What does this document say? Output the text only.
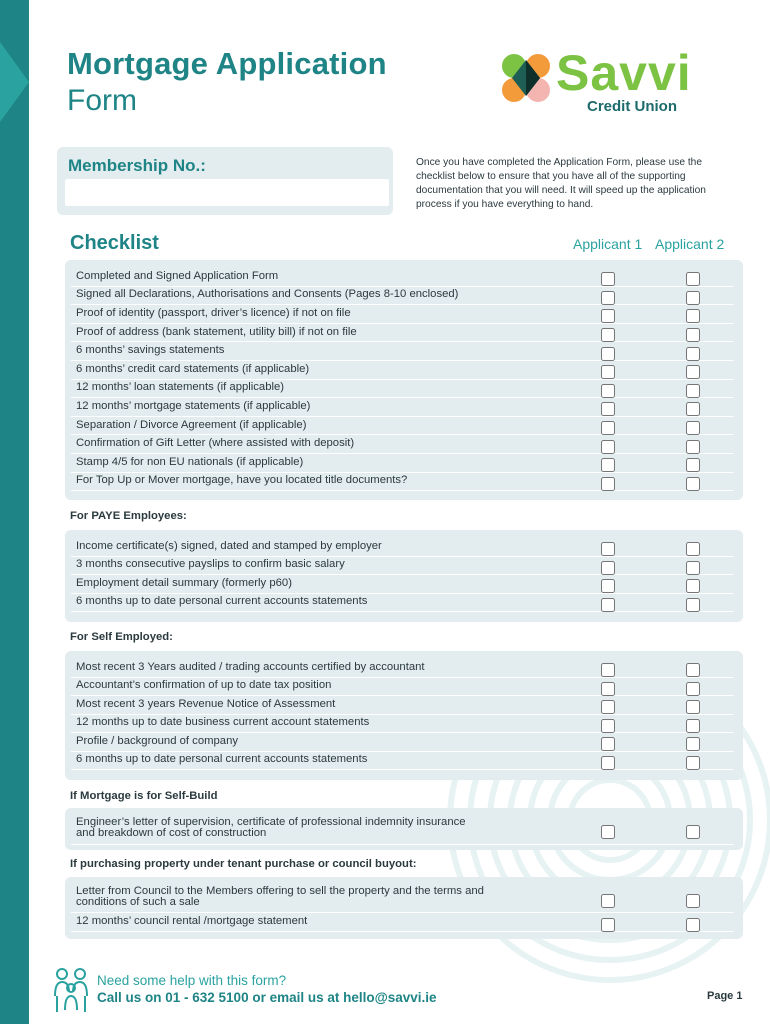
Mortgage Application
Form	Savvi
Credit Union
Membership No.:	Once you have completed the Application Form, please use the checklist below to ensure that you have all of the supporting documentation that you will need. It will speed up the application process if you have everything to hand.
Checklist	Applicant 1 Applicant 2
Completed and Signed Application Form
Signed all Declarations, Authorisations and Consents (Pages 8-10 enclosed)
Proof of identity (passport, driver’s licence) if not on file
Proof of address (bank statement, utility bill) if not on file
6 months’ savings statements
6 months’ credit card statements (if applicable)
12 months’ loan statements (if applicable)
12 months’ mortgage statements (if applicable)
Separation / Divorce Agreement (if applicable)
Confirmation of Gift Letter (where assisted with deposit)
Stamp 4/5 for non EU nationals (if applicable)
For Top Up or Mover mortgage, have you located title documents?
For PAYE Employees:
Income certificate(s) signed, dated and stamped by employer
3 months consecutive payslips to confirm basic salary
Employment detail summary (formerly p60)
6 months up to date personal current accounts statements
For Self Employed:
Most recent 3 Years audited / trading accounts certified by accountant
Accountant’s confirmation of up to date tax position
Most recent 3 years Revenue Notice of Assessment
12 months up to date business current account statements
Profile / background of company
6 months up to date personal current accounts statements
If Mortgage is for Self-Build
Engineer’s letter of supervision, certificate of professional indemnity insurance
and breakdown of cost of construction
If purchasing property under tenant purchase or council buyout:
Letter from Council to the Members offering to sell the property and the terms and
conditions of such a sale
12 months’ council rental /mortgage statement
Need some help with this form?
Call us on 01 - 632 5100 or email us at hello@savvi.ie	Page 1
